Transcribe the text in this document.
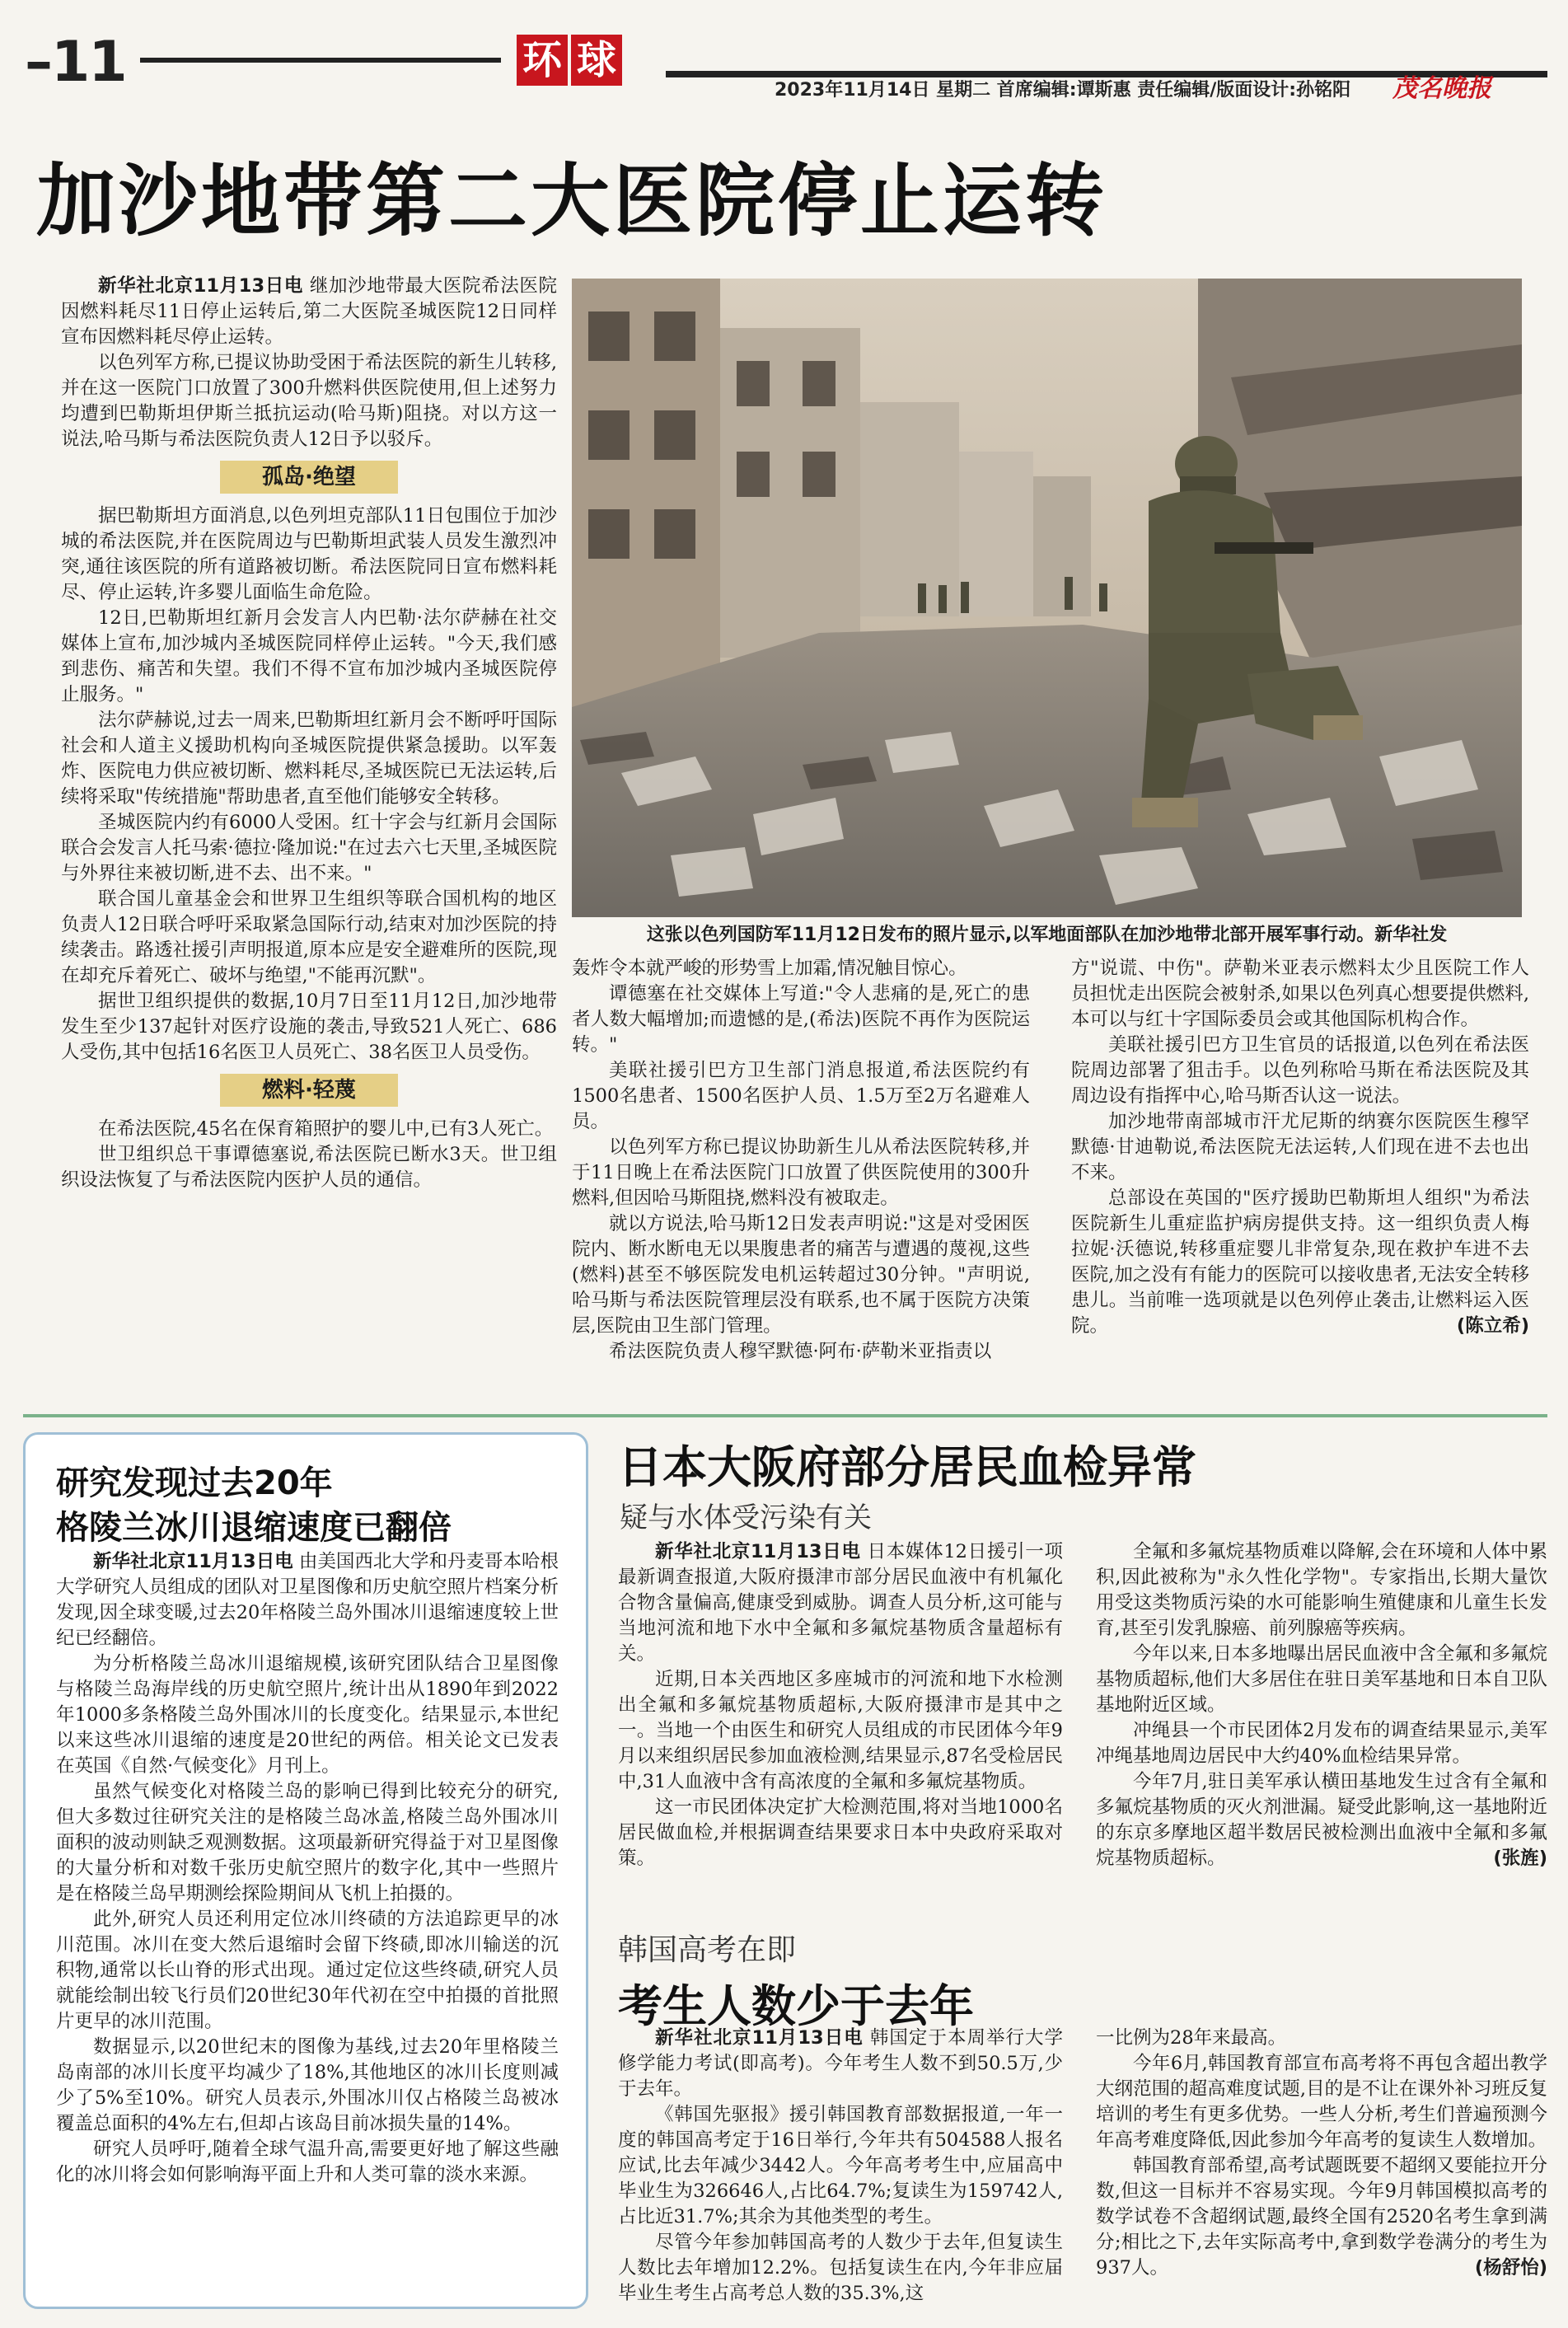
–11	环 球
2023年11月14日 星期二 首席编辑:谭斯惠 责任编辑/版面设计:孙铭阳 茂名晚报
加沙地带第二大医院停止运转

新华社北京11月13日电 继加沙地带最大医院希法医院因燃料耗尽11日停止运转后,第二大医院圣城医院12日同样宣布因燃料耗尽停止运转。

以色列军方称,已提议协助受困于希法医院的新生儿转移,并在这一医院门口放置了300升燃料供医院使用,但上述努力均遭到巴勒斯坦伊斯兰抵抗运动(哈马斯)阻挠。对以方这一说法,哈马斯与希法医院负责人12日予以驳斥。

孤岛·绝望

据巴勒斯坦方面消息,以色列坦克部队11日包围位于加沙城的希法医院,并在医院周边与巴勒斯坦武装人员发生激烈冲突,通往该医院的所有道路被切断。希法医院同日宣布燃料耗尽、停止运转,许多婴儿面临生命危险。

12日,巴勒斯坦红新月会发言人内巴勒·法尔萨赫在社交媒体上宣布,加沙城内圣城医院同样停止运转。"今天,我们感到悲伤、痛苦和失望。我们不得不宣布加沙城内圣城医院停止服务。"

法尔萨赫说,过去一周来,巴勒斯坦红新月会不断呼吁国际社会和人道主义援助机构向圣城医院提供紧急援助。以军轰炸、医院电力供应被切断、燃料耗尽,圣城医院已无法运转,后续将采取"传统措施"帮助患者,直至他们能够安全转移。

圣城医院内约有6000人受困。红十字会与红新月会国际联合会发言人托马索·德拉·隆加说:"在过去六七天里,圣城医院与外界往来被切断,进不去、出不来。"

联合国儿童基金会和世界卫生组织等联合国机构的地区负责人12日联合呼吁采取紧急国际行动,结束对加沙医院的持续袭击。路透社援引声明报道,原本应是安全避难所的医院,现在却充斥着死亡、破坏与绝望,"不能再沉默"。

据世卫组织提供的数据,10月7日至11月12日,加沙地带发生至少137起针对医疗设施的袭击,导致521人死亡、686人受伤,其中包括16名医卫人员死亡、38名医卫人员受伤。

燃料·轻蔑

在希法医院,45名在保育箱照护的婴儿中,已有3人死亡。

世卫组织总干事谭德塞说,希法医院已断水3天。世卫组织设法恢复了与希法医院内医护人员的通信。

这张以色列国防军11月12日发布的照片显示,以军地面部队在加沙地带北部开展军事行动。新华社发

轰炸令本就严峻的形势雪上加霜,情况触目惊心。

谭德塞在社交媒体上写道:"令人悲痛的是,死亡的患者人数大幅增加;而遗憾的是,(希法)医院不再作为医院运转。"

美联社援引巴方卫生部门消息报道,希法医院约有1500名患者、1500名医护人员、1.5万至2万名避难人员。

以色列军方称已提议协助新生儿从希法医院转移,并于11日晚上在希法医院门口放置了供医院使用的300升燃料,但因哈马斯阻挠,燃料没有被取走。

就以方说法,哈马斯12日发表声明说:"这是对受困医院内、断水断电无以果腹患者的痛苦与遭遇的蔑视,这些(燃料)甚至不够医院发电机运转超过30分钟。"声明说,哈马斯与希法医院管理层没有联系,也不属于医院方决策层,医院由卫生部门管理。

希法医院负责人穆罕默德·阿布·萨勒米亚指责以

方"说谎、中伤"。萨勒米亚表示燃料太少且医院工作人员担忧走出医院会被射杀,如果以色列真心想要提供燃料,本可以与红十字国际委员会或其他国际机构合作。

美联社援引巴方卫生官员的话报道,以色列在希法医院周边部署了狙击手。以色列称哈马斯在希法医院及其周边设有指挥中心,哈马斯否认这一说法。

加沙地带南部城市汗尤尼斯的纳赛尔医院医生穆罕默德·甘迪勒说,希法医院无法运转,人们现在进不去也出不来。

总部设在英国的"医疗援助巴勒斯坦人组织"为希法医院新生儿重症监护病房提供支持。这一组织负责人梅拉妮·沃德说,转移重症婴儿非常复杂,现在救护车进不去医院,加之没有有能力的医院可以接收患者,无法安全转移患儿。当前唯一选项就是以色列停止袭击,让燃料运入医院。	(陈立希)

研究发现过去20年
格陵兰冰川退缩速度已翻倍

新华社北京11月13日电 由美国西北大学和丹麦哥本哈根大学研究人员组成的团队对卫星图像和历史航空照片档案分析发现,因全球变暖,过去20年格陵兰岛外围冰川退缩速度较上世纪已经翻倍。

为分析格陵兰岛冰川退缩规模,该研究团队结合卫星图像与格陵兰岛海岸线的历史航空照片,统计出从1890年到2022年1000多条格陵兰岛外围冰川的长度变化。结果显示,本世纪以来这些冰川退缩的速度是20世纪的两倍。相关论文已发表在英国《自然·气候变化》月刊上。

虽然气候变化对格陵兰岛的影响已得到比较充分的研究,但大多数过往研究关注的是格陵兰岛冰盖,格陵兰岛外围冰川面积的波动则缺乏观测数据。这项最新研究得益于对卫星图像的大量分析和对数千张历史航空照片的数字化,其中一些照片是在格陵兰岛早期测绘探险期间从飞机上拍摄的。

此外,研究人员还利用定位冰川终碛的方法追踪更早的冰川范围。冰川在变大然后退缩时会留下终碛,即冰川输送的沉积物,通常以长山脊的形式出现。通过定位这些终碛,研究人员就能绘制出较飞行员们20世纪30年代初在空中拍摄的首批照片更早的冰川范围。

数据显示,以20世纪末的图像为基线,过去20年里格陵兰岛南部的冰川长度平均减少了18%,其他地区的冰川长度则减少了5%至10%。研究人员表示,外围冰川仅占格陵兰岛被冰覆盖总面积的4%左右,但却占该岛目前冰损失量的14%。

研究人员呼吁,随着全球气温升高,需要更好地了解这些融化的冰川将会如何影响海平面上升和人类可靠的淡水来源。

日本大阪府部分居民血检异常
疑与水体受污染有关

新华社北京11月13日电 日本媒体12日援引一项最新调查报道,大阪府摄津市部分居民血液中有机氟化合物含量偏高,健康受到威胁。调查人员分析,这可能与当地河流和地下水中全氟和多氟烷基物质含量超标有关。

近期,日本关西地区多座城市的河流和地下水检测出全氟和多氟烷基物质超标,大阪府摄津市是其中之一。当地一个由医生和研究人员组成的市民团体今年9月以来组织居民参加血液检测,结果显示,87名受检居民中,31人血液中含有高浓度的全氟和多氟烷基物质。

这一市民团体决定扩大检测范围,将对当地1000名居民做血检,并根据调查结果要求日本中央政府采取对策。

全氟和多氟烷基物质难以降解,会在环境和人体中累积,因此被称为"永久性化学物"。专家指出,长期大量饮用受这类物质污染的水可能影响生殖健康和儿童生长发育,甚至引发乳腺癌、前列腺癌等疾病。

今年以来,日本多地曝出居民血液中含全氟和多氟烷基物质超标,他们大多居住在驻日美军基地和日本自卫队基地附近区域。

冲绳县一个市民团体2月发布的调查结果显示,美军冲绳基地周边居民中大约40%血检结果异常。

今年7月,驻日美军承认横田基地发生过含有全氟和多氟烷基物质的灭火剂泄漏。疑受此影响,这一基地附近的东京多摩地区超半数居民被检测出血液中全氟和多氟烷基物质超标。	(张旌)

韩国高考在即
考生人数少于去年

新华社北京11月13日电 韩国定于本周举行大学修学能力考试(即高考)。今年考生人数不到50.5万,少于去年。

《韩国先驱报》援引韩国教育部数据报道,一年一度的韩国高考定于16日举行,今年共有504588人报名应试,比去年减少3442人。今年高考考生中,应届高中毕业生为326646人,占比64.7%;复读生为159742人,占比近31.7%;其余为其他类型的考生。

尽管今年参加韩国高考的人数少于去年,但复读生人数比去年增加12.2%。包括复读生在内,今年非应届毕业生考生占高考总人数的35.3%,这

一比例为28年来最高。

今年6月,韩国教育部宣布高考将不再包含超出教学大纲范围的超高难度试题,目的是不让在课外补习班反复培训的考生有更多优势。一些人分析,考生们普遍预测今年高考难度降低,因此参加今年高考的复读生人数增加。

韩国教育部希望,高考试题既要不超纲又要能拉开分数,但这一目标并不容易实现。今年9月韩国模拟高考的数学试卷不含超纲试题,最终全国有2520名考生拿到满分;相比之下,去年实际高考中,拿到数学卷满分的考生为937人。	(杨舒怡)
